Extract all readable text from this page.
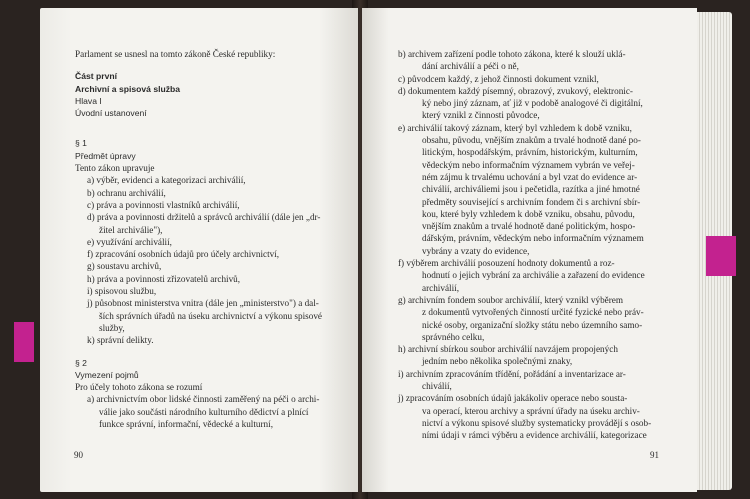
Parlament se usnesl na tomto zákoně České republiky:
Část první
Archivní a spisová služba
Hlava I
Úvodní ustanovení
§ 1
Předmět úpravy
Tento zákon upravuje
a) výběr, evidenci a kategorizaci archiválií,
b) ochranu archiválií,
c) práva a povinnosti vlastníků archiválií,
d) práva a povinnosti držitelů a správců archiválií (dále jen „dr-
žitel archiválie"),
e) využívání archiválií,
f) zpracování osobních údajů pro účely archivnictví,
g) soustavu archivů,
h) práva a povinnosti zřizovatelů archivů,
i) spisovou službu,
j) působnost ministerstva vnitra (dále jen „ministerstvo") a dal-
ších správních úřadů na úseku archivnictví a výkonu spisové
služby,
k) správní delikty.
§ 2
Vymezení pojmů
Pro účely tohoto zákona se rozumí
a) archivnictvím obor lidské činnosti zaměřený na péči o archi-
válie jako součásti národního kulturního dědictví a plnící
funkce správní, informační, vědecké a kulturní,
90
b) archivem zařízení podle tohoto zákona, které k slouží uklá-
dání archiválií a péči o ně,
c) původcem každý, z jehož činnosti dokument vznikl,
d) dokumentem každý písemný, obrazový, zvukový, elektronic-
ký nebo jiný záznam, ať již v podobě analogové či digitální,
který vznikl z činnosti původce,
e) archiválií takový záznam, který byl vzhledem k době vzniku,
obsahu, původu, vnějším znakům a trvalé hodnotě dané po-
litickým, hospodářským, právním, historickým, kulturním,
vědeckým nebo informačním významem vybrán ve veřej-
ném zájmu k trvalému uchování a byl vzat do evidence ar-
chiválií, archiváliemi jsou i pečetidla, razítka a jiné hmotné
předměty související s archivním fondem či s archivní sbír-
kou, které byly vzhledem k době vzniku, obsahu, původu,
vnějším znakům a trvalé hodnotě dané politickým, hospo-
dářským, právním, vědeckým nebo informačním významem
vybrány a vzaty do evidence,
f) výběrem archiválií posouzení hodnoty dokumentů a roz-
hodnutí o jejich vybrání za archiválie a zařazení do evidence
archiválií,
g) archivním fondem soubor archiválií, který vznikl výběrem
z dokumentů vytvořených činností určité fyzické nebo práv-
nické osoby, organizační složky státu nebo územního samo-
správného celku,
h) archivní sbírkou soubor archiválií navzájem propojených
jedním nebo několika společnými znaky,
i) archivním zpracováním třídění, pořádání a inventarizace ar-
chiválií,
j) zpracováním osobních údajů jakákoliv operace nebo sousta-
va operací, kterou archivy a správní úřady na úseku archiv-
nictví a výkonu spisové služby systematicky provádějí s osob-
ními údaji v rámci výběru a evidence archiválií, kategorizace
91
